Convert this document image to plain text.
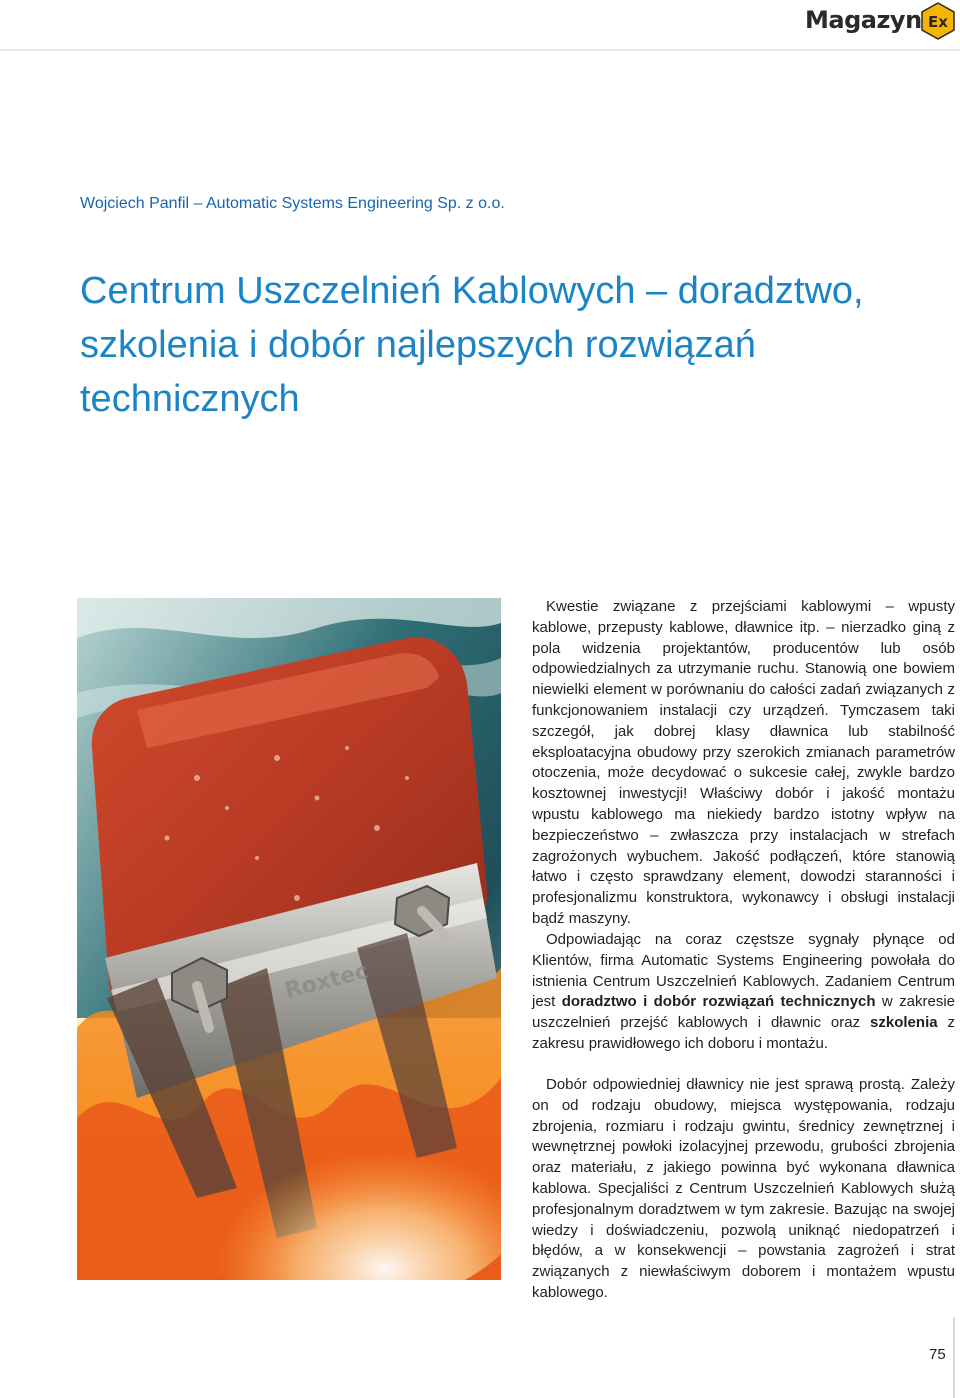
Magazyn Ex
Wojciech Panfil – Automatic Systems Engineering Sp. z o.o.
Centrum Uszczelnień Kablowych – doradztwo, szkolenia i dobór najlepszych rozwiązań technicznych
Roxtec

Kwestie związane z przejściami kablowymi – wpusty kablowe, przepusty kablowe, dławnice itp. – nierzadko giną z pola widzenia projektantów, producentów lub osób odpowiedzialnych za utrzymanie ruchu. Stanowią one bowiem niewielki element w porównaniu do całości zadań związanych z funkcjonowaniem instalacji czy urządzeń. Tymczasem taki szczegół, jak dobrej klasy dławnica lub stabilność eksploatacyjna obudowy przy szerokich zmianach parametrów otoczenia, może decydować o sukcesie całej, zwykle bardzo kosztownej inwestycji! Właściwy dobór i jakość montażu wpustu kablowego ma niekiedy bardzo istotny wpływ na bezpieczeństwo – zwłaszcza przy instalacjach w strefach zagrożonych wybuchem. Jakość podłączeń, które stanowią łatwo i często sprawdzany element, dowodzi staranności i profesjonalizmu konstruktora, wykonawcy i obsługi instalacji bądź maszyny.

Odpowiadając na coraz częstsze sygnały płynące od Klientów, firma Automatic Systems Engineering powołała do istnienia Centrum Uszczelnień Kablowych. Zadaniem Centrum jest doradztwo i dobór rozwiązań technicznych w zakresie uszczelnień przejść kablowych i dławnic oraz szkolenia z zakresu prawidłowego ich doboru i montażu.

Dobór odpowiedniej dławnicy nie jest sprawą prostą. Zależy on od rodzaju obudowy, miejsca występowania, rodzaju zbrojenia, rozmiaru i rodzaju gwintu, średnicy zewnętrznej i wewnętrznej powłoki izolacyjnej przewodu, grubości zbrojenia oraz materiału, z jakiego powinna być wykonana dławnica kablowa. Specjaliści z Centrum Uszczelnień Kablowych służą profesjonalnym doradztwem w tym zakresie. Bazując na swojej wiedzy i doświadczeniu, pozwolą uniknąć niedopatrzeń i błędów, a w konsekwencji – powstania zagrożeń i strat związanych z niewłaściwym doborem i montażem wpustu kablowego.

75
